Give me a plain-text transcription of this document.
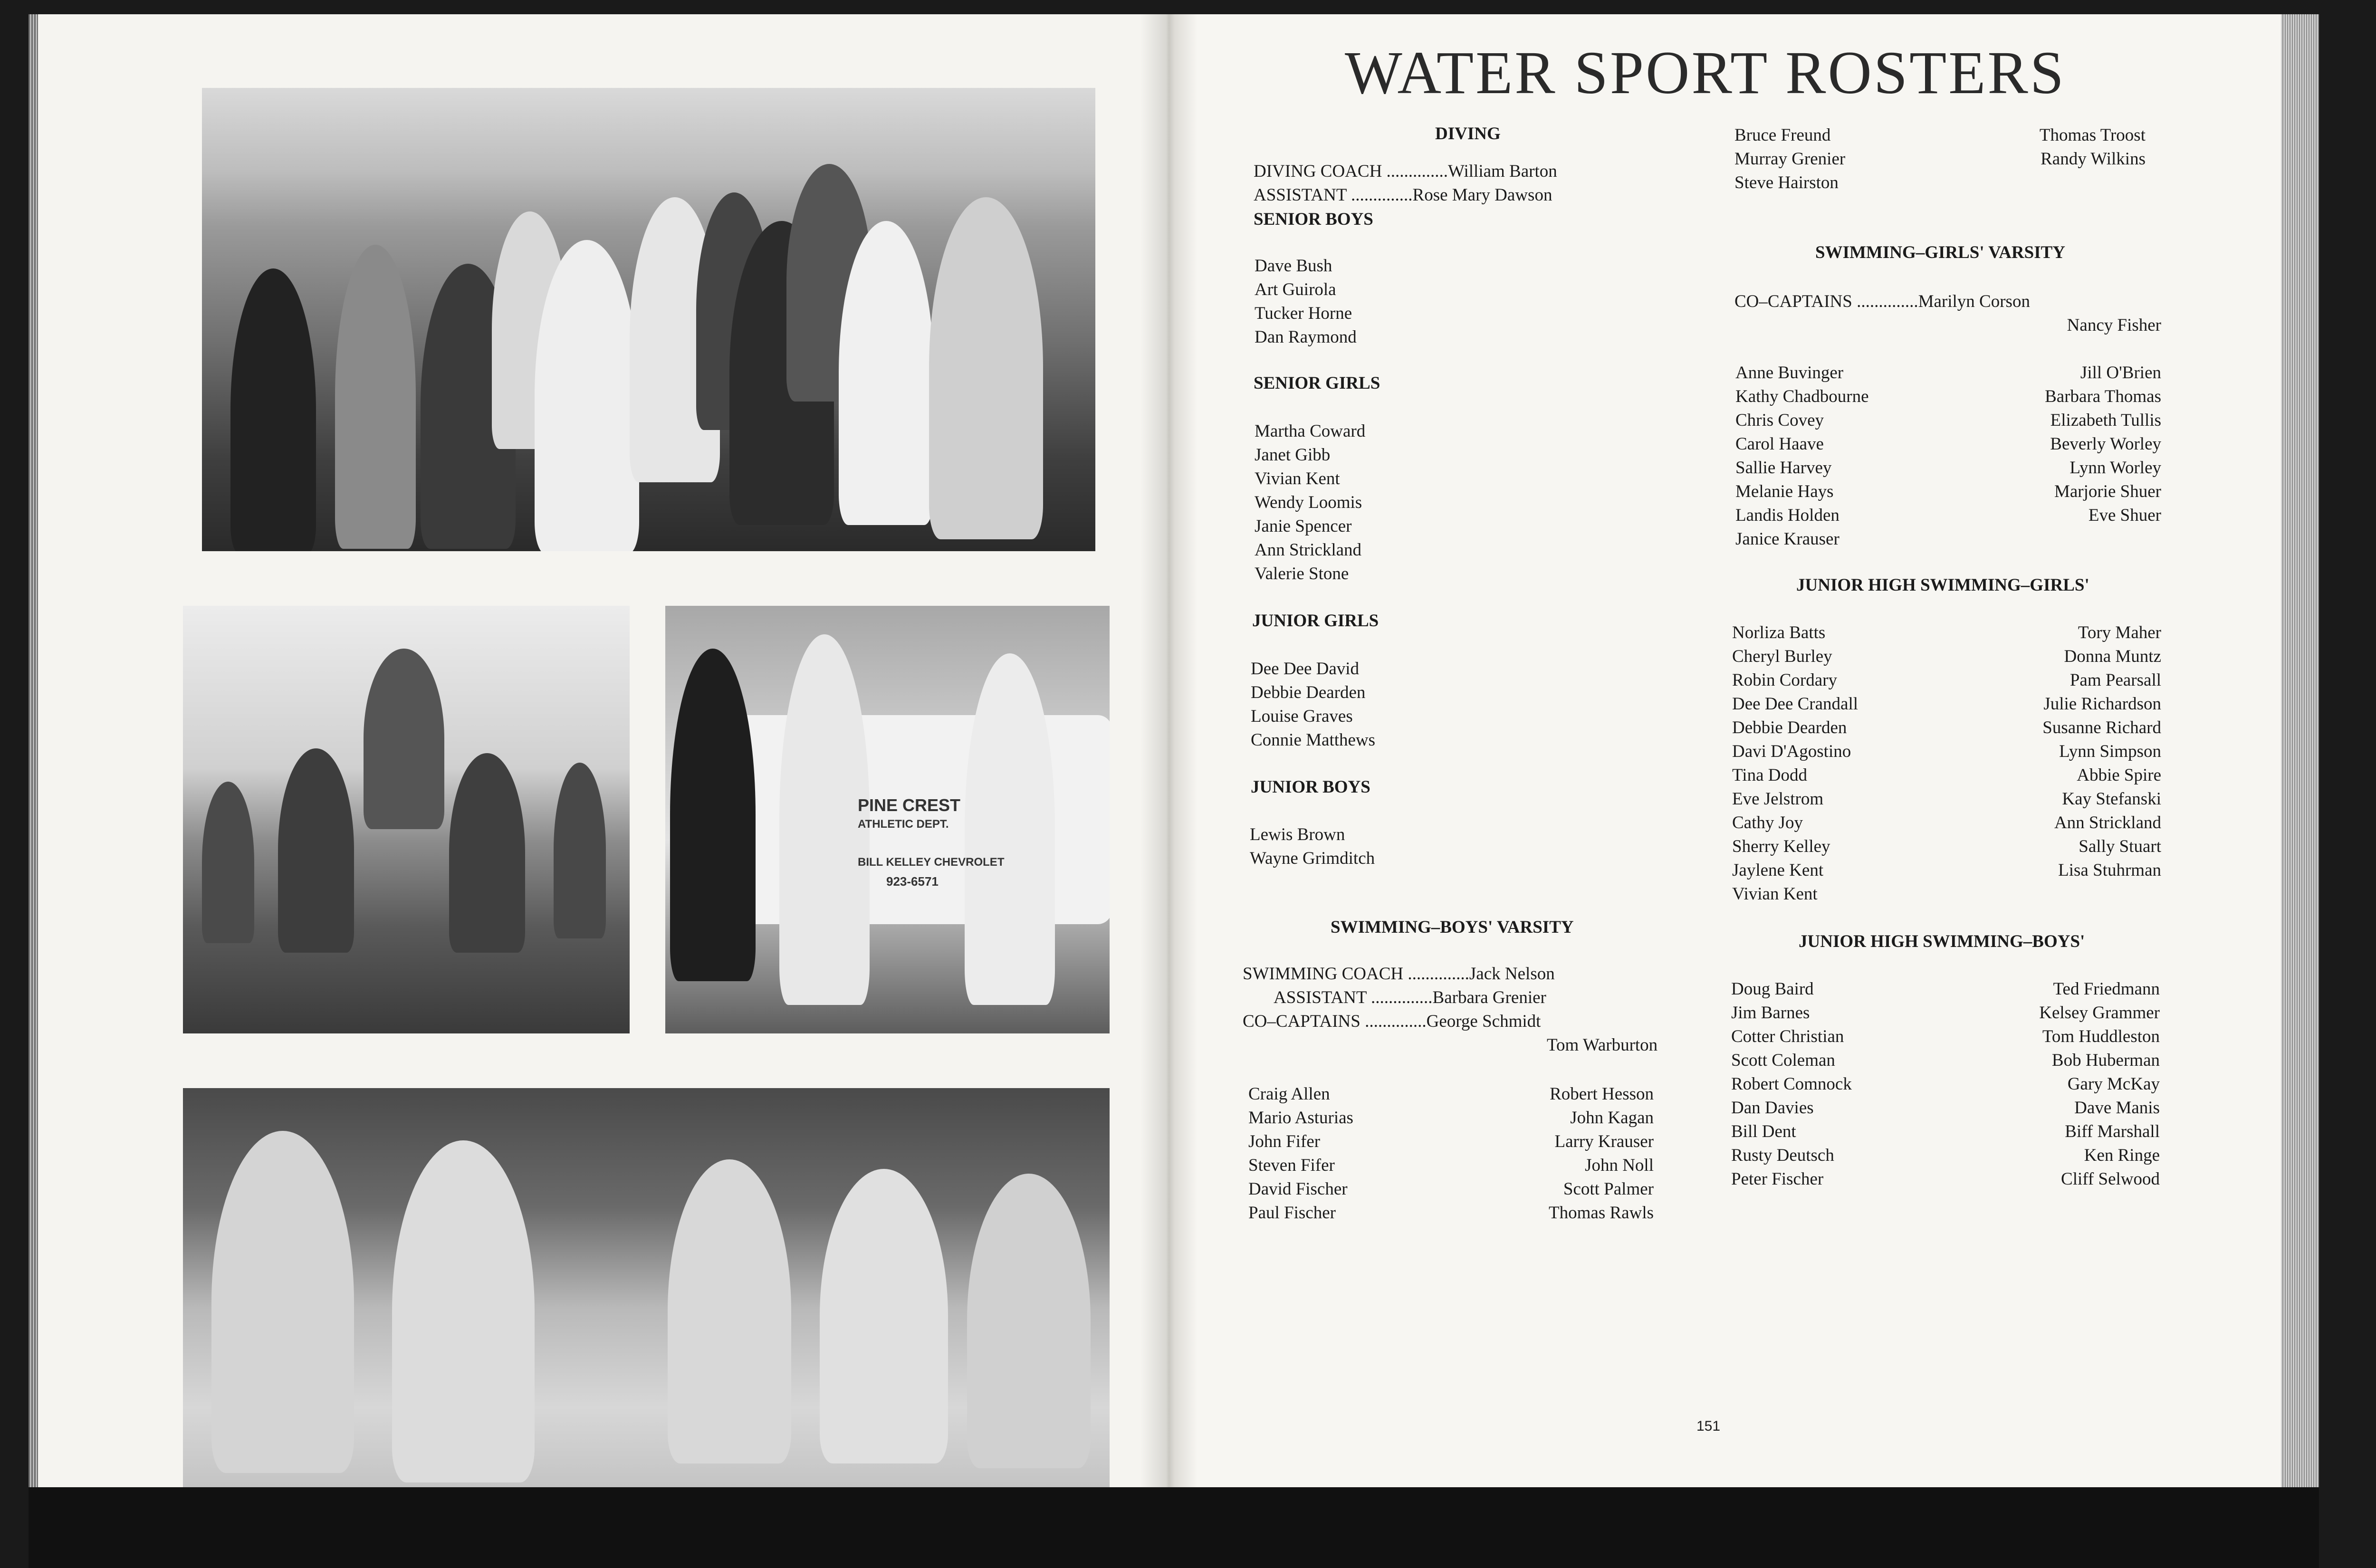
PINE CREST
ATHLETIC DEPT.
BILL KELLEY CHEVROLET
923-6571
WATER SPORT ROSTERS
DIVING
DIVING COACH ..............William Barton
ASSISTANT ..............Rose Mary Dawson
SENIOR BOYS
Dave Bush
Art Guirola
Tucker Horne
Dan Raymond
SENIOR GIRLS
Martha Coward
Janet Gibb
Vivian Kent
Wendy Loomis
Janie Spencer
Ann Strickland
Valerie Stone
JUNIOR GIRLS
Dee Dee David
Debbie Dearden
Louise Graves
Connie Matthews
JUNIOR BOYS
Lewis Brown
Wayne Grimditch
SWIMMING–BOYS' VARSITY
SWIMMING COACH ..............Jack Nelson
ASSISTANT ..............Barbara Grenier
CO–CAPTAINS ..............George Schmidt
Tom Warburton
Craig Allen
Mario Asturias
John Fifer
Steven Fifer
David Fischer
Paul Fischer
Robert Hesson
John Kagan
Larry Krauser
John Noll
Scott Palmer
Thomas Rawls
Bruce Freund
Murray Grenier
Steve Hairston
Thomas Troost
Randy Wilkins
SWIMMING–GIRLS' VARSITY
CO–CAPTAINS ..............Marilyn Corson
Nancy Fisher
Anne Buvinger
Kathy Chadbourne
Chris Covey
Carol Haave
Sallie Harvey
Melanie Hays
Landis Holden
Janice Krauser
Jill O'Brien
Barbara Thomas
Elizabeth Tullis
Beverly Worley
Lynn Worley
Marjorie Shuer
Eve Shuer
JUNIOR HIGH SWIMMING–GIRLS'
Norliza Batts
Cheryl Burley
Robin Cordary
Dee Dee Crandall
Debbie Dearden
Davi D'Agostino
Tina Dodd
Eve Jelstrom
Cathy Joy
Sherry Kelley
Jaylene Kent
Vivian Kent
Tory Maher
Donna Muntz
Pam Pearsall
Julie Richardson
Susanne Richard
Lynn Simpson
Abbie Spire
Kay Stefanski
Ann Strickland
Sally Stuart
Lisa Stuhrman
JUNIOR HIGH SWIMMING–BOYS'
Doug Baird
Jim Barnes
Cotter Christian
Scott Coleman
Robert Comnock
Dan Davies
Bill Dent
Rusty Deutsch
Peter Fischer
Ted Friedmann
Kelsey Grammer
Tom Huddleston
Bob Huberman
Gary McKay
Dave Manis
Biff Marshall
Ken Ringe
Cliff Selwood
151
